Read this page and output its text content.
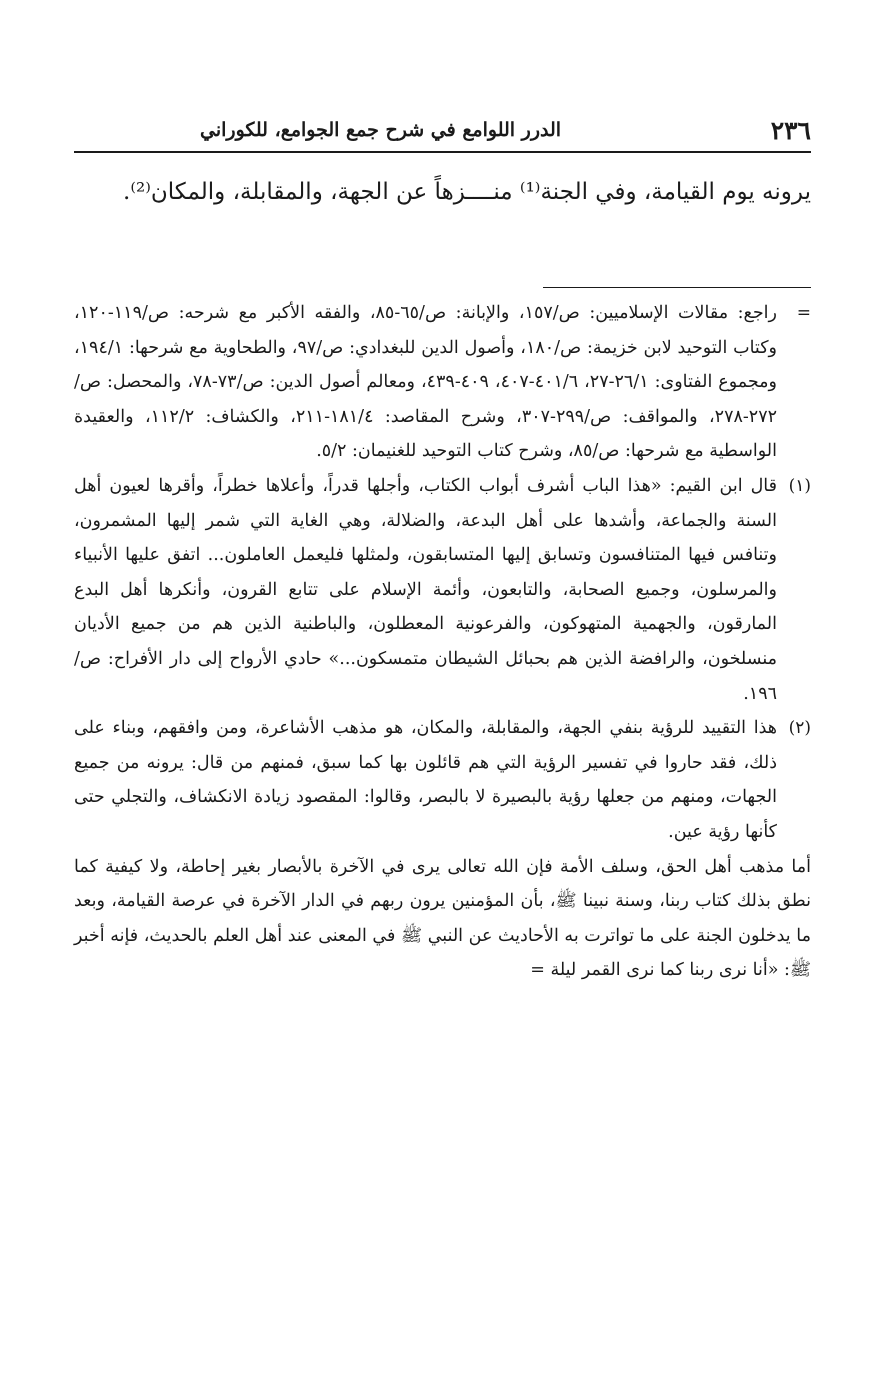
٢٣٦
الدرر اللوامع في شرح جمع الجوامع، للكوراني
يرونه يوم القيامة، وفي الجنة⁽¹⁾ منــــزهاً عن الجهة، والمقابلة، والمكان⁽²⁾.
=

راجع: مقالات الإسلاميين: ص/١٥٧، والإبانة: ص/٦٥-٨٥، والفقه الأكبر مع شرحه: ص/١١٩-١٢٠، وكتاب التوحيد لابن خزيمة: ص/١٨٠، وأصول الدين للبغدادي: ص/٩٧، والطحاوية مع شرحها: ١٩٤/١، ومجموع الفتاوى: ٢٦/١-٢٧، ٤٠١/٦-٤٠٧، ٤٠٩-٤٣٩، ومعالم أصول الدين: ص/٧٣-٧٨، والمحصل: ص/٢٧٢-٢٧٨، والمواقف: ص/٢٩٩-٣٠٧، وشرح المقاصد: ١٨١/٤-٢١١، والكشاف: ١١٢/٢، والعقيدة الواسطية مع شرحها: ص/٨٥، وشرح كتاب التوحيد للغنيمان: ٥/٢.

(١)

قال ابن القيم: «هذا الباب أشرف أبواب الكتاب، وأجلها قدراً، وأعلاها خطراً، وأقرها لعيون أهل السنة والجماعة، وأشدها على أهل البدعة، والضلالة، وهي الغاية التي شمر إليها المشمرون، وتنافس فيها المتنافسون وتسابق إليها المتسابقون، ولمثلها فليعمل العاملون... اتفق عليها الأنبياء والمرسلون، وجميع الصحابة، والتابعون، وأئمة الإسلام على تتابع القرون، وأنكرها أهل البدع المارقون، والجهمية المتهوكون، والفرعونية المعطلون، والباطنية الذين هم من جميع الأديان منسلخون، والرافضة الذين هم بحبائل الشيطان متمسكون...» حادي الأرواح إلى دار الأفراح: ص/١٩٦.

(٢)

هذا التقييد للرؤية بنفي الجهة، والمقابلة، والمكان، هو مذهب الأشاعرة، ومن وافقهم، وبناء على ذلك، فقد حاروا في تفسير الرؤية التي هم قائلون بها كما سبق، فمنهم من قال: يرونه من جميع الجهات، ومنهم من جعلها رؤية بالبصيرة لا بالبصر، وقالوا: المقصود زيادة الانكشاف، والتجلي حتى كأنها رؤية عين.

أما مذهب أهل الحق، وسلف الأمة فإن الله تعالى يرى في الآخرة بالأبصار بغير إحاطة، ولا كيفية كما نطق بذلك كتاب ربنا، وسنة نبينا ﷺ، بأن المؤمنين يرون ربهم في الدار الآخرة في عرصة القيامة، وبعد ما يدخلون الجنة على ما تواترت به الأحاديث عن النبي ﷺ في المعنى عند أهل العلم بالحديث، فإنه أخبر ﷺ: «أنا نرى ربنا كما نرى القمر ليلة =
